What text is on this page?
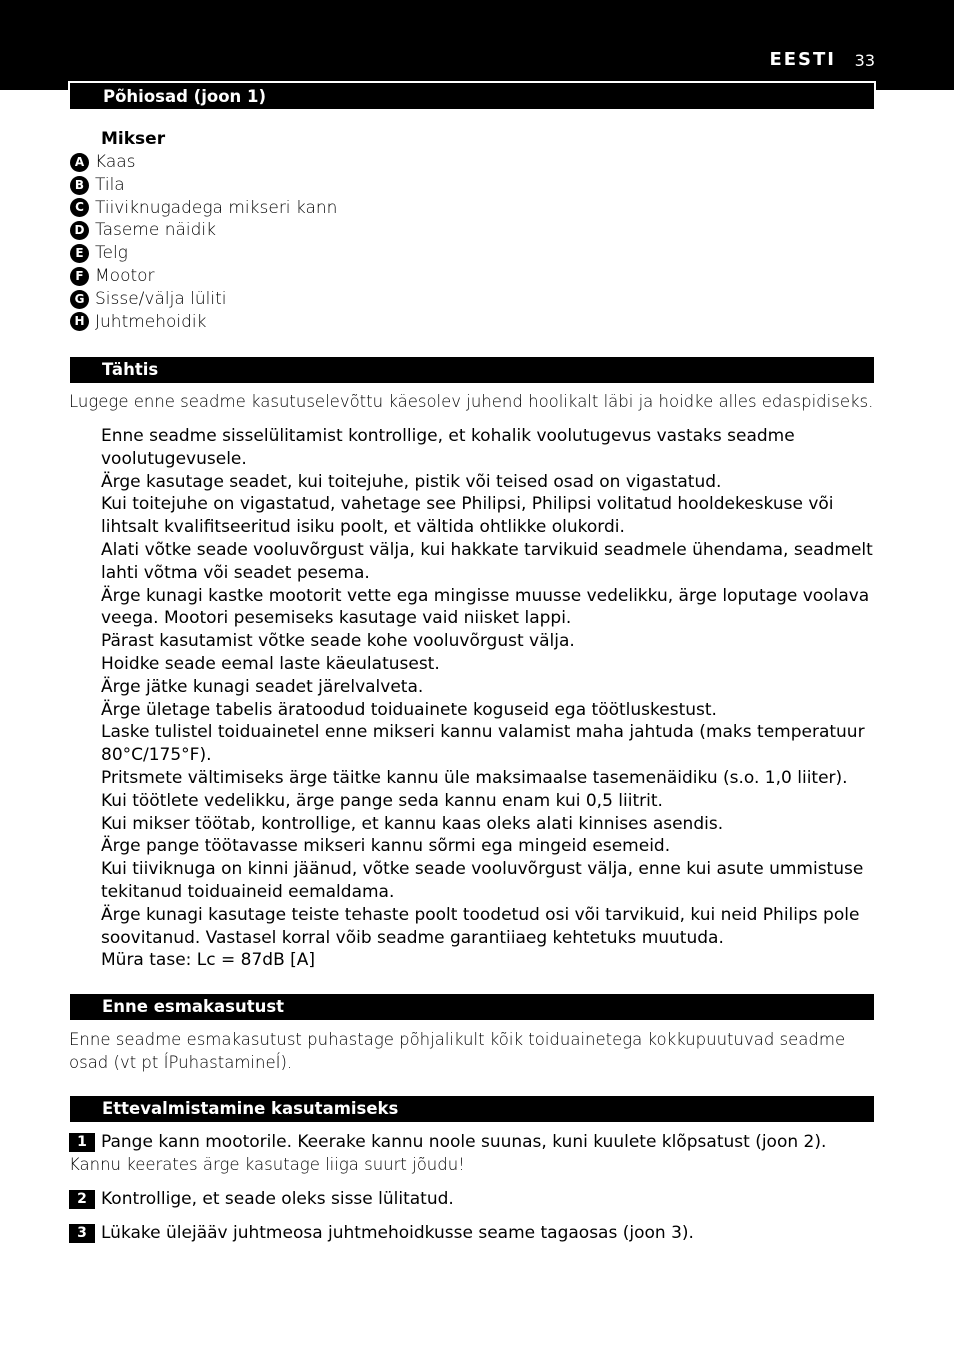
EESTI 33
Põhiosad (joon 1)
Mikser
A Kaas
B Tila
C Tiiviknugadega mikseri kann
D Taseme näidik
E Telg
F Mootor
G Sisse/välja lüliti
H Juhtmehoidik
Tähtis
Lugege enne seadme kasutuselevõttu käesolev juhend hoolikalt läbi ja hoidke alles edaspidiseks.
Enne seadme sisselülitamist kontrollige, et kohalik voolutugevus vastaks seadme voolutugevusele.
Ärge kasutage seadet, kui toitejuhe, pistik või teised osad on vigastatud.
Kui toitejuhe on vigastatud, vahetage see Philipsi, Philipsi volitatud hooldekeskuse või lihtsalt kvalifitseeritud isiku poolt, et vältida ohtlikke olukordi.
Alati võtke seade vooluvõrgust välja, kui hakkate tarvikuid seadmele ühendama, seadmelt lahti võtma või seadet pesema.
Ärge kunagi kastke mootorit vette ega mingisse muusse vedelikku, ärge loputage voolava veega. Mootori pesemiseks kasutage vaid niisket lappi.
Pärast kasutamist võtke seade kohe vooluvõrgust välja.
Hoidke seade eemal laste käeulatusest.
Ärge jätke kunagi seadet järelvalveta.
Ärge ületage tabelis äratoodud toiduainete koguseid ega töötluskestust.
Laske tulistel toiduainetel enne mikseri kannu valamist maha jahtuda (maks temperatuur 80°C/175°F).
Pritsmete vältimiseks ärge täitke kannu üle maksimaalse tasemenäidiku (s.o. 1,0 liiter). Kui töötlete vedelikku, ärge pange seda kannu enam kui 0,5 liitrit.
Kui mikser töötab, kontrollige, et kannu kaas oleks alati kinnises asendis.
Ärge pange töötavasse mikseri kannu sõrmi ega mingeid esemeid.
Kui tiiviknuga on kinni jäänud, võtke seade vooluvõrgust välja, enne kui asute ummistuse tekitanud toiduaineid eemaldama.
Ärge kunagi kasutage teiste tehaste poolt toodetud osi või tarvikuid, kui neid Philips pole soovitanud. Vastasel korral võib seadme garantiiaeg kehtetuks muutuda.
Müra tase: Lc = 87dB [A]
Enne esmakasutust
Enne seadme esmakasutust puhastage põhjalikult kõik toiduainetega kokkupuutuvad seadme osad (vt pt ÍPuhastamineÍ).
Ettevalmistamine kasutamiseks
1 Pange kann mootorile. Keerake kannu noole suunas, kuni kuulete klõpsatust (joon 2).
Kannu keerates ärge kasutage liiga suurt jõudu!
2 Kontrollige, et seade oleks sisse lülitatud.
3 Lükake ülejääv juhtmeosa juhtmehoidkusse seame tagaosas (joon 3).
